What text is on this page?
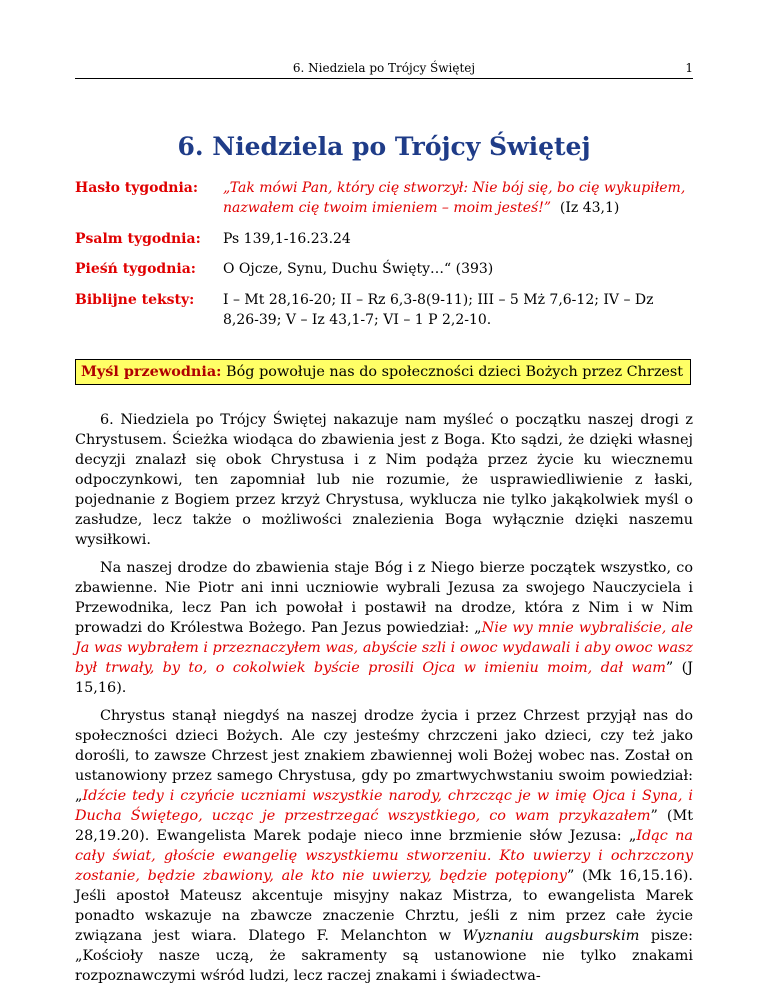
6. Niedziela po Trójcy Świętej	1
6. Niedziela po Trójcy Świętej
Hasło tygodnia: „Tak mówi Pan, który cię stworzył: Nie bój się, bo cię wykupiłem, nazwałem cię twoim imieniem – moim jesteś!” (Iz 43,1)
Psalm tygodnia: Ps 139,1-16.23.24
Pieśń tygodnia: O Ojcze, Synu, Duchu Święty…“ (393)
Biblijne teksty: I – Mt 28,16-20; II – Rz 6,3-8(9-11); III – 5 Mż 7,6-12; IV – Dz 8,26-39; V – Iz 43,1-7; VI – 1 P 2,2-10.
Myśl przewodnia: Bóg powołuje nas do społeczności dzieci Bożych przez Chrzest

6. Niedziela po Trójcy Świętej nakazuje nam myśleć o początku naszej drogi z Chrystusem. Ścieżka wiodąca do zbawienia jest z Boga. Kto sądzi, że dzięki własnej decyzji znalazł się obok Chrystusa i z Nim podąża przez życie ku wiecznemu odpoczynkowi, ten zapomniał lub nie rozumie, że usprawiedliwienie z łaski, pojednanie z Bogiem przez krzyż Chrystusa, wyklucza nie tylko jakąkolwiek myśl o zasłudze, lecz także o możliwości znalezienia Boga wyłącznie dzięki naszemu wysiłkowi.

Na naszej drodze do zbawienia staje Bóg i z Niego bierze początek wszystko, co zbawienne. Nie Piotr ani inni uczniowie wybrali Jezusa za swojego Nauczyciela i Przewodnika, lecz Pan ich powołał i postawił na drodze, która z Nim i w Nim prowadzi do Królestwa Bożego. Pan Jezus powiedział: „Nie wy mnie wybraliście, ale Ja was wybrałem i przeznaczyłem was, abyście szli i owoc wydawali i aby owoc wasz był trwały, by to, o cokolwiek byście prosili Ojca w imieniu moim, dał wam” (J 15,16).

Chrystus stanął niegdyś na naszej drodze życia i przez Chrzest przyjął nas do społeczności dzieci Bożych. Ale czy jesteśmy chrzczeni jako dzieci, czy też jako dorośli, to zawsze Chrzest jest znakiem zbawiennej woli Bożej wobec nas. Został on ustanowiony przez samego Chrystusa, gdy po zmartwychwstaniu swoim powiedział: „Idźcie tedy i czyńcie uczniami wszystkie narody, chrzcząc je w imię Ojca i Syna, i Ducha Świętego, ucząc je przestrzegać wszystkiego, co wam przykazałem” (Mt 28,19.20). Ewangelista Marek podaje nieco inne brzmienie słów Jezusa: „Idąc na cały świat, głoście ewangelię wszystkiemu stworzeniu. Kto uwierzy i ochrzczony zostanie, będzie zbawiony, ale kto nie uwierzy, będzie potępiony” (Mk 16,15.16). Jeśli apostoł Mateusz akcentuje misyjny nakaz Mistrza, to ewangelista Marek ponadto wskazuje na zbawcze znaczenie Chrztu, jeśli z nim przez całe życie związana jest wiara. Dlatego F. Melanchton w Wyznaniu augsburskim pisze: „Kościoły nasze uczą, że sakramenty są ustanowione nie tylko znakami rozpoznawczymi wśród ludzi, lecz raczej znakami i świadectwa-
